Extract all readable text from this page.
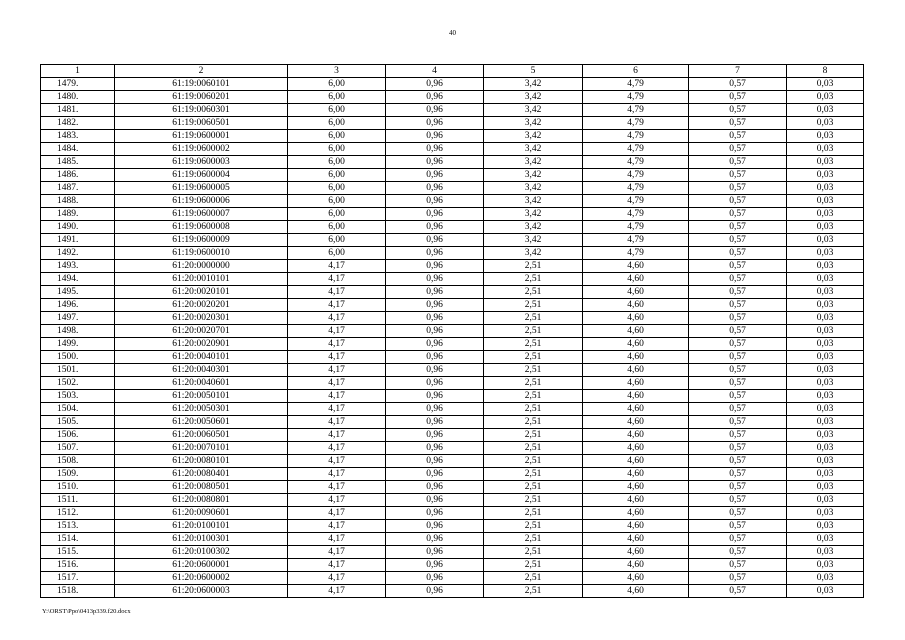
40
1	2	3	4	5	6	7	8
1479.	61:19:0060101	6,00	0,96	3,42	4,79	0,57	0,03
1480.	61:19:0060201	6,00	0,96	3,42	4,79	0,57	0,03
1481.	61:19:0060301	6,00	0,96	3,42	4,79	0,57	0,03
1482.	61:19:0060501	6,00	0,96	3,42	4,79	0,57	0,03
1483.	61:19:0600001	6,00	0,96	3,42	4,79	0,57	0,03
1484.	61:19:0600002	6,00	0,96	3,42	4,79	0,57	0,03
1485.	61:19:0600003	6,00	0,96	3,42	4,79	0,57	0,03
1486.	61:19:0600004	6,00	0,96	3,42	4,79	0,57	0,03
1487.	61:19:0600005	6,00	0,96	3,42	4,79	0,57	0,03
1488.	61:19:0600006	6,00	0,96	3,42	4,79	0,57	0,03
1489.	61:19:0600007	6,00	0,96	3,42	4,79	0,57	0,03
1490.	61:19:0600008	6,00	0,96	3,42	4,79	0,57	0,03
1491.	61:19:0600009	6,00	0,96	3,42	4,79	0,57	0,03
1492.	61:19:0600010	6,00	0,96	3,42	4,79	0,57	0,03
1493.	61:20:0000000	4,17	0,96	2,51	4,60	0,57	0,03
1494.	61:20:0010101	4,17	0,96	2,51	4,60	0,57	0,03
1495.	61:20:0020101	4,17	0,96	2,51	4,60	0,57	0,03
1496.	61:20:0020201	4,17	0,96	2,51	4,60	0,57	0,03
1497.	61:20:0020301	4,17	0,96	2,51	4,60	0,57	0,03
1498.	61:20:0020701	4,17	0,96	2,51	4,60	0,57	0,03
1499.	61:20:0020901	4,17	0,96	2,51	4,60	0,57	0,03
1500.	61:20:0040101	4,17	0,96	2,51	4,60	0,57	0,03
1501.	61:20:0040301	4,17	0,96	2,51	4,60	0,57	0,03
1502.	61:20:0040601	4,17	0,96	2,51	4,60	0,57	0,03
1503.	61:20:0050101	4,17	0,96	2,51	4,60	0,57	0,03
1504.	61:20:0050301	4,17	0,96	2,51	4,60	0,57	0,03
1505.	61:20:0050601	4,17	0,96	2,51	4,60	0,57	0,03
1506.	61:20:0060501	4,17	0,96	2,51	4,60	0,57	0,03
1507.	61:20:0070101	4,17	0,96	2,51	4,60	0,57	0,03
1508.	61:20:0080101	4,17	0,96	2,51	4,60	0,57	0,03
1509.	61:20:0080401	4,17	0,96	2,51	4,60	0,57	0,03
1510.	61:20:0080501	4,17	0,96	2,51	4,60	0,57	0,03
1511.	61:20:0080801	4,17	0,96	2,51	4,60	0,57	0,03
1512.	61:20:0090601	4,17	0,96	2,51	4,60	0,57	0,03
1513.	61:20:0100101	4,17	0,96	2,51	4,60	0,57	0,03
1514.	61:20:0100301	4,17	0,96	2,51	4,60	0,57	0,03
1515.	61:20:0100302	4,17	0,96	2,51	4,60	0,57	0,03
1516.	61:20:0600001	4,17	0,96	2,51	4,60	0,57	0,03
1517.	61:20:0600002	4,17	0,96	2,51	4,60	0,57	0,03
1518.	61:20:0600003	4,17	0,96	2,51	4,60	0,57	0,03
Y:\ORST\Ppo\0413p339.f20.docx
